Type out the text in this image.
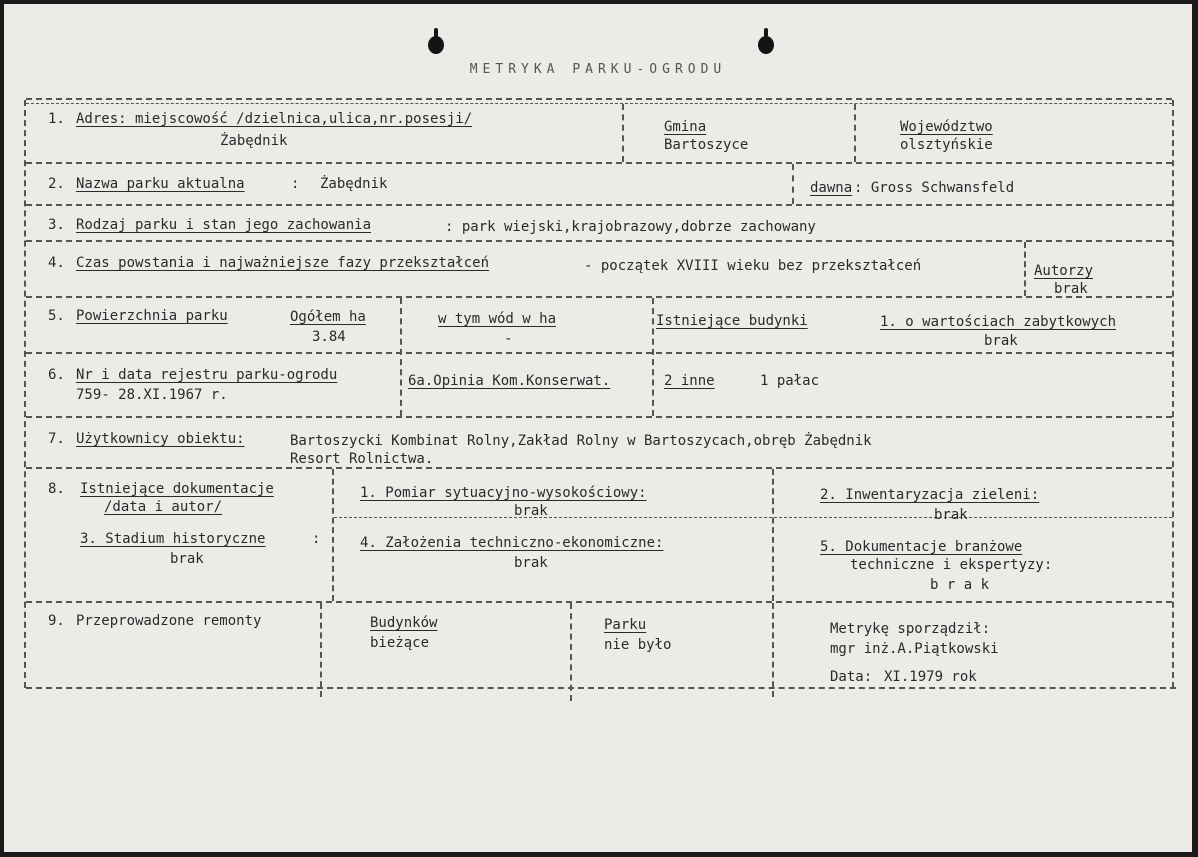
METRYKA PARKU-OGRODU
1. Adres: miejscowość /dzielnica,ulica,nr.posesji/
Żabędnik
Gmina
Bartoszyce
Województwo
olsztyńskie
2. Nazwa parku aktualna	: Żabędnik	dawna : Gross Schwansfeld
3. Rodzaj parku i stan jego zachowania	: park wiejski,krajobrazowy,dobrze zachowany
4. Czas powstania i najważniejsze fazy przekształceń	- początek XVIII wieku bez przekształceń	Autorzy
brak
5. Powierzchnia parku	Ogółem ha
3.84
w tym wód w ha
-
Istniejące budynki	1. o wartościach zabytkowych
brak
6. Nr i data rejestru parku-ogrodu
759- 28.XI.1967 r.
6a.Opinia Kom.Konserwat.	2 inne	1 pałac
7. Użytkownicy obiektu:	Bartoszycki Kombinat Rolny,Zakład Rolny w Bartoszycach,obręb Żabędnik
Resort Rolnictwa.
8. Istniejące dokumentacje
/data i autor/
1. Pomiar sytuacyjno-wysokościowy:
brak
2. Inwentaryzacja zieleni:
brak
3. Stadium historyczne	:
brak
4. Założenia techniczno-ekonomiczne:
brak
5. Dokumentacje branżowe
techniczne i ekspertyzy:
b r a k
9. Przeprowadzone remonty	Budynków
bieżące
Parku
nie było
Metrykę sporządził:
mgr inż.A.Piątkowski
Data: XI.1979 rok
